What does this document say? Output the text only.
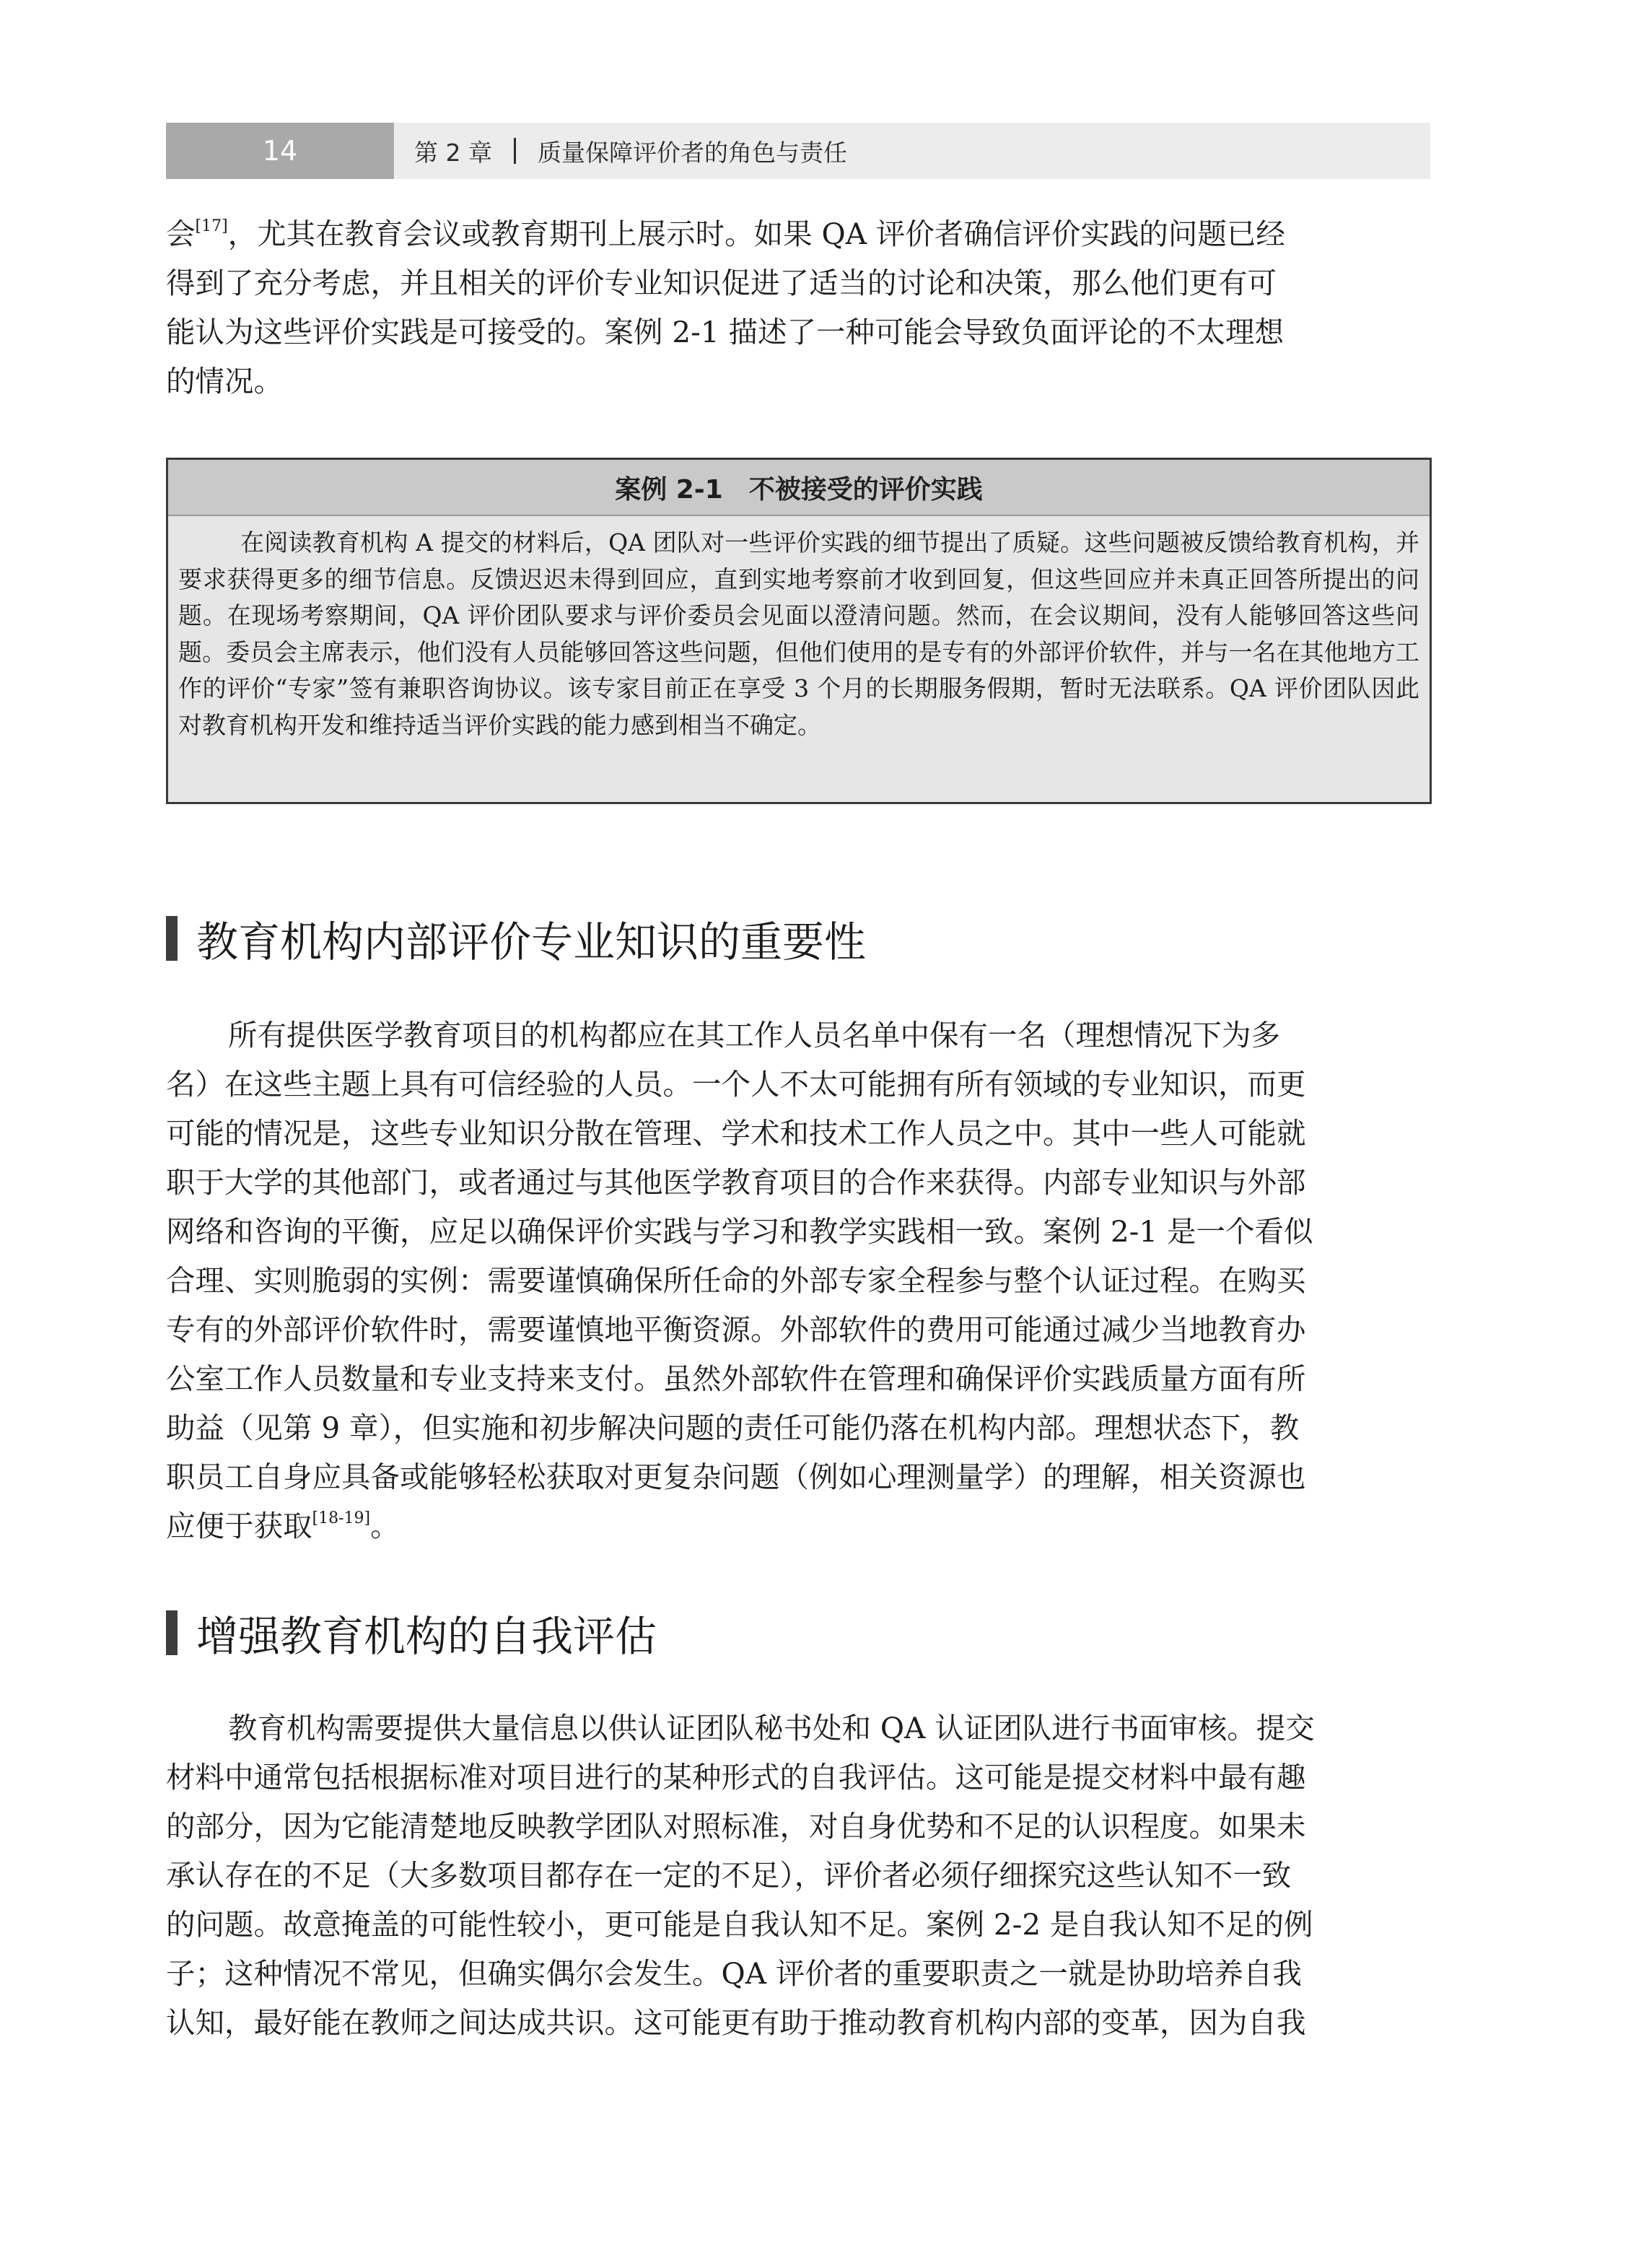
14	第 2 章 质量保障评价者的角色与责任
会[17]，尤其在教育会议或教育期刊上展示时。如果 QA 评价者确信评价实践的问题已经
得到了充分考虑，并且相关的评价专业知识促进了适当的讨论和决策，那么他们更有可
能认为这些评价实践是可接受的。案例 2-1 描述了一种可能会导致负面评论的不太理想
的情况。
案例 2-1 不被接受的评价实践
在阅读教育机构 A 提交的材料后，QA 团队对一些评价实践的细节提出了质疑。这些问题被反馈给教育机构，并要求获得更多的细节信息。反馈迟迟未得到回应，直到实地考察前才收到回复，但这些回应并未真正回答所提出的问题。在现场考察期间，QA 评价团队要求与评价委员会见面以澄清问题。然而，在会议期间，没有人能够回答这些问题。委员会主席表示，他们没有人员能够回答这些问题，但他们使用的是专有的外部评价软件，并与一名在其他地方工作的评价“专家”签有兼职咨询协议。该专家目前正在享受 3 个月的长期服务假期，暂时无法联系。QA 评价团队因此对教育机构开发和维持适当评价实践的能力感到相当不确定。
教育机构内部评价专业知识的重要性
所有提供医学教育项目的机构都应在其工作人员名单中保有一名（理想情况下为多
名）在这些主题上具有可信经验的人员。一个人不太可能拥有所有领域的专业知识，而更
可能的情况是，这些专业知识分散在管理、学术和技术工作人员之中。其中一些人可能就
职于大学的其他部门，或者通过与其他医学教育项目的合作来获得。内部专业知识与外部
网络和咨询的平衡，应足以确保评价实践与学习和教学实践相一致。案例 2-1 是一个看似
合理、实则脆弱的实例：需要谨慎确保所任命的外部专家全程参与整个认证过程。在购买
专有的外部评价软件时，需要谨慎地平衡资源。外部软件的费用可能通过减少当地教育办
公室工作人员数量和专业支持来支付。虽然外部软件在管理和确保评价实践质量方面有所
助益（见第 9 章），但实施和初步解决问题的责任可能仍落在机构内部。理想状态下，教
职员工自身应具备或能够轻松获取对更复杂问题（例如心理测量学）的理解，相关资源也
应便于获取[18-19]。
增强教育机构的自我评估
教育机构需要提供大量信息以供认证团队秘书处和 QA 认证团队进行书面审核。提交
材料中通常包括根据标准对项目进行的某种形式的自我评估。这可能是提交材料中最有趣
的部分，因为它能清楚地反映教学团队对照标准，对自身优势和不足的认识程度。如果未
承认存在的不足（大多数项目都存在一定的不足），评价者必须仔细探究这些认知不一致
的问题。故意掩盖的可能性较小，更可能是自我认知不足。案例 2-2 是自我认知不足的例
子；这种情况不常见，但确实偶尔会发生。QA 评价者的重要职责之一就是协助培养自我
认知，最好能在教师之间达成共识。这可能更有助于推动教育机构内部的变革，因为自我
